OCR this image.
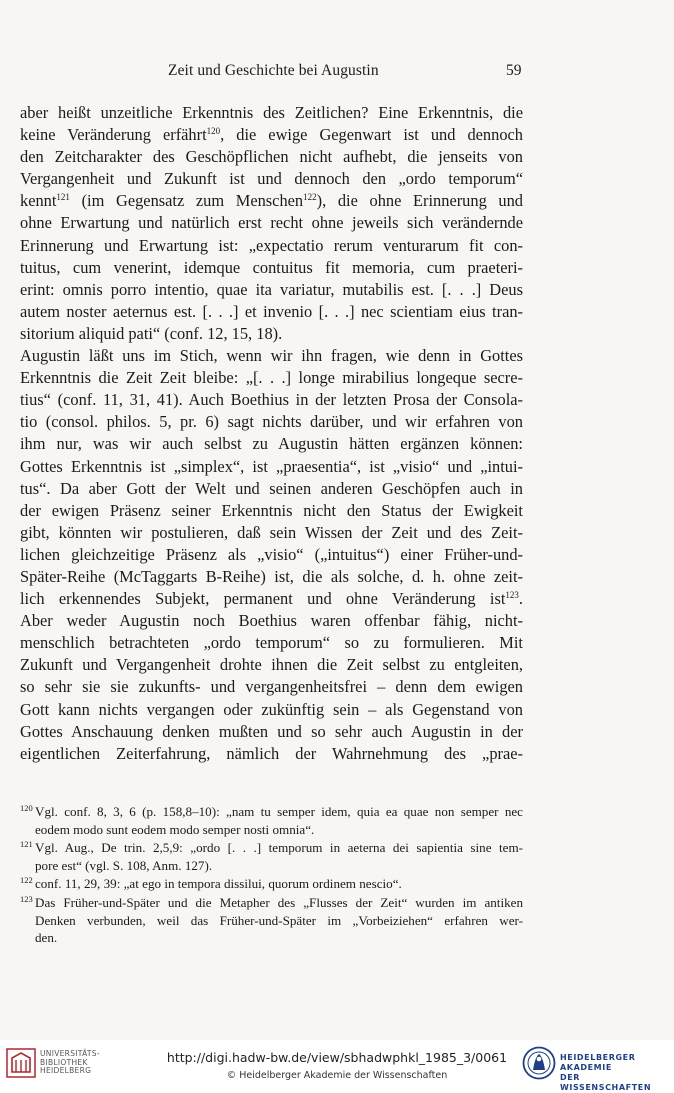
Zeit und Geschichte bei Augustin	59
aber heißt unzeitliche Erkenntnis des Zeitlichen? Eine Erkenntnis, die
keine Veränderung erfährt$^{120}$, die ewige Gegenwart ist und dennoch
den Zeitcharakter des Geschöpflichen nicht aufhebt, die jenseits von
Vergangenheit und Zukunft ist und dennoch den „ordo temporum“
kennt$^{121}$ (im Gegensatz zum Menschen$^{122}$), die ohne Erinnerung und
ohne Erwartung und natürlich erst recht ohne jeweils sich verändernde
Erinnerung und Erwartung ist: „expectatio rerum venturarum fit con-
tuitus, cum venerint, idemque contuitus fit memoria, cum praeteri-
erint: omnis porro intentio, quae ita variatur, mutabilis est. [. . .] Deus
autem noster aeternus est. [. . .] et invenio [. . .] nec scientiam eius tran-
sitorium aliquid pati“ (conf. 12, 15, 18).
Augustin läßt uns im Stich, wenn wir ihn fragen, wie denn in Gottes
Erkenntnis die Zeit Zeit bleibe: „[. . .] longe mirabilius longeque secre-
tius“ (conf. 11, 31, 41). Auch Boethius in der letzten Prosa der Consola-
tio (consol. philos. 5, pr. 6) sagt nichts darüber, und wir erfahren von
ihm nur, was wir auch selbst zu Augustin hätten ergänzen können:
Gottes Erkenntnis ist „simplex“, ist „praesentia“, ist „visio“ und „intui-
tus“. Da aber Gott der Welt und seinen anderen Geschöpfen auch in
der ewigen Präsenz seiner Erkenntnis nicht den Status der Ewigkeit
gibt, könnten wir postulieren, daß sein Wissen der Zeit und des Zeit-
lichen gleichzeitige Präsenz als „visio“ („intuitus“) einer Früher-und-
Später-Reihe (McTaggarts B-Reihe) ist, die als solche, d. h. ohne zeit-
lich erkennendes Subjekt, permanent und ohne Veränderung ist$^{123}$.
Aber weder Augustin noch Boethius waren offenbar fähig, nicht-
menschlich betrachteten „ordo temporum“ so zu formulieren. Mit
Zukunft und Vergangenheit drohte ihnen die Zeit selbst zu entgleiten,
so sehr sie sie zukunfts- und vergangenheitsfrei – denn dem ewigen
Gott kann nichts vergangen oder zukünftig sein – als Gegenstand von
Gottes Anschauung denken mußten und so sehr auch Augustin in der
eigentlichen Zeiterfahrung, nämlich der Wahrnehmung des „prae-
120 Vgl. conf. 8, 3, 6 (p. 158,8–10): „nam tu semper idem, quia ea quae non semper nec
eodem modo sunt eodem modo semper nosti omnia“.
121 Vgl. Aug., De trin. 2,5,9: „ordo [. . .] temporum in aeterna dei sapientia sine tem-
pore est“ (vgl. S. 108, Anm. 127).
122 conf. 11, 29, 39: „at ego in tempora dissilui, quorum ordinem nescio“.
123 Das Früher-und-Später und die Metapher des „Flusses der Zeit“ wurden im antiken
Denken verbunden, weil das Früher-und-Später im „Vorbeiziehen“ erfahren wer-
den.
UNIVERSITÄTS-
BIBLIOTHEK
HEIDELBERG
http://digi.hadw-bw.de/view/sbhadwphkl_1985_3/0061
© Heidelberger Akademie der Wissenschaften
HEIDELBERGER AKADEMIE
DER WISSENSCHAFTEN
